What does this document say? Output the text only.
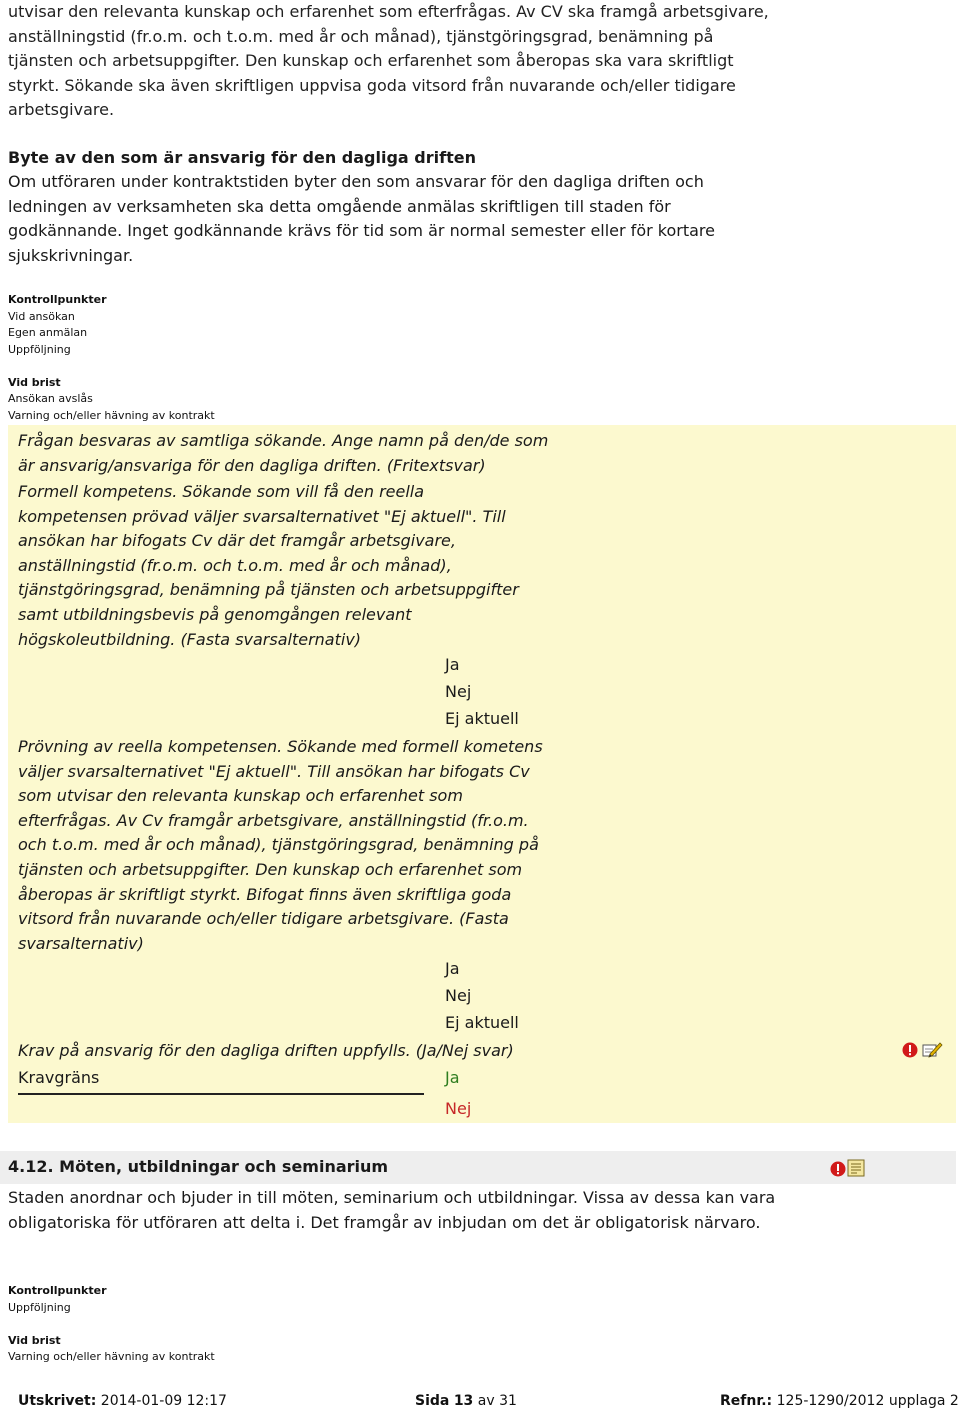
utvisar den relevanta kunskap och erfarenhet som efterfrågas. Av CV ska framgå arbetsgivare, anställningstid (fr.o.m. och t.o.m. med år och månad), tjänstgöringsgrad, benämning på tjänsten och arbetsuppgifter. Den kunskap och erfarenhet som åberopas ska vara skriftligt styrkt. Sökande ska även skriftligen uppvisa goda vitsord från nuvarande och/eller tidigare arbetsgivare.
Byte av den som är ansvarig för den dagliga driften
Om utföraren under kontraktstiden byter den som ansvarar för den dagliga driften och ledningen av verksamheten ska detta omgående anmälas skriftligen till staden för godkännande. Inget godkännande krävs för tid som är normal semester eller för kortare sjukskrivningar.
Kontrollpunkter
Vid ansökan
Egen anmälan
Uppföljning
Vid brist
Ansökan avslås
Varning och/eller hävning av kontrakt
Frågan besvaras av samtliga sökande. Ange namn på den/de som är ansvarig/ansvariga för den dagliga driften. (Fritextsvar)
Formell kompetens. Sökande som vill få den reella kompetensen prövad väljer svarsalternativet "Ej aktuell". Till ansökan har bifogats Cv där det framgår arbetsgivare, anställningstid (fr.o.m. och t.o.m. med år och månad), tjänstgöringsgrad, benämning på tjänsten och arbetsuppgifter samt utbildningsbevis på genomgången relevant högskoleutbildning. (Fasta svarsalternativ)
Ja
Nej
Ej aktuell
Prövning av reella kompetensen. Sökande med formell kometens väljer svarsalternativet "Ej aktuell". Till ansökan har bifogats Cv som utvisar den relevanta kunskap och erfarenhet som efterfrågas. Av Cv framgår arbetsgivare, anställningstid (fr.o.m. och t.o.m. med år och månad), tjänstgöringsgrad, benämning på tjänsten och arbetsuppgifter. Den kunskap och erfarenhet som åberopas är skriftligt styrkt. Bifogat finns även skriftliga goda vitsord från nuvarande och/eller tidigare arbetsgivare. (Fasta svarsalternativ)
Ja
Nej
Ej aktuell
Krav på ansvarig för den dagliga driften uppfylls. (Ja/Nej svar)
Kravgräns	Ja
Nej
4.12. Möten, utbildningar och seminarium
Staden anordnar och bjuder in till möten, seminarium och utbildningar. Vissa av dessa kan vara obligatoriska för utföraren att delta i. Det framgår av inbjudan om det är obligatorisk närvaro.
Kontrollpunkter
Uppföljning
Vid brist
Varning och/eller hävning av kontrakt
Utskrivet: 2014-01-09 12:17	Sida 13 av 31	Refnr.: 125-1290/2012 upplaga 2
